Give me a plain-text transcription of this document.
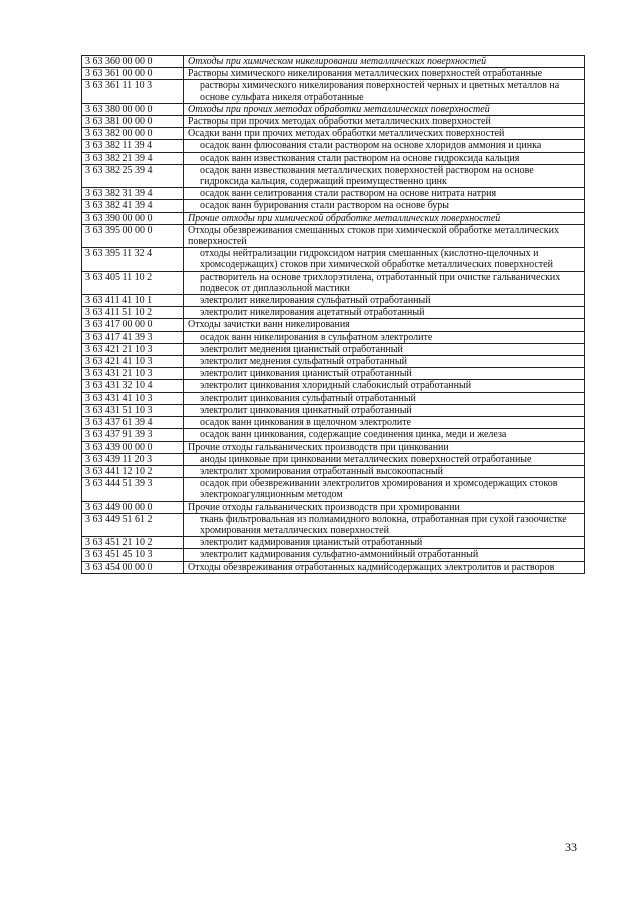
3 63 360 00 00 0	Отходы при химическом никелировании металлических поверхностей
3 63 361 00 00 0	Растворы химического никелирования металлических поверхностей отработанные
3 63 361 11 10 3	растворы химического никелирования поверхностей черных и цветных металлов на основе сульфата никеля отработанные
3 63 380 00 00 0	Отходы при прочих методах обработки металлических поверхностей
3 63 381 00 00 0	Растворы при прочих методах обработки металлических поверхностей
3 63 382 00 00 0	Осадки ванн при прочих методах обработки металлических поверхностей
3 63 382 11 39 4	осадок ванн флюсования стали раствором на основе хлоридов аммония и цинка
3 63 382 21 39 4	осадок ванн известкования стали раствором на основе гидроксида кальция
3 63 382 25 39 4	осадок ванн известкования металлических поверхностей раствором на основе гидроксида кальция, содержащий преимущественно цинк
3 63 382 31 39 4	осадок ванн селитрования стали раствором на основе нитрата натрия
3 63 382 41 39 4	осадок ванн бурирования стали раствором на основе буры
3 63 390 00 00 0	Прочие отходы при химической обработке металлических поверхностей
3 63 395 00 00 0	Отходы обезвреживания смешанных стоков при химической обработке металлических поверхностей
3 63 395 11 32 4	отходы нейтрализации гидроксидом натрия смешанных (кислотно-щелочных и хромсодержащих) стоков при химической обработке металлических поверхностей
3 63 405 11 10 2	растворитель на основе трихлорэтилена, отработанный при очистке гальванических подвесок от диплазольной мастики
3 63 411 41 10 1	электролит никелирования сульфатный отработанный
3 63 411 51 10 2	электролит никелирования ацетатный отработанный
3 63 417 00 00 0	Отходы зачистки ванн никелирования
3 63 417 41 39 3	осадок ванн никелирования в сульфатном электролите
3 63 421 21 10 3	электролит меднения цианистый отработанный
3 63 421 41 10 3	электролит меднения сульфатный отработанный
3 63 431 21 10 3	электролит цинкования цианистый отработанный
3 63 431 32 10 4	электролит цинкования хлоридный слабокислый отработанный
3 63 431 41 10 3	электролит цинкования сульфатный отработанный
3 63 431 51 10 3	электролит цинкования цинкатный отработанный
3 63 437 61 39 4	осадок ванн цинкования в щелочном электролите
3 63 437 91 39 3	осадок ванн цинкования, содержащие соединения цинка, меди и железа
3 63 439 00 00 0	Прочие отходы гальванических производств при цинковании
3 63 439 11 20 3	аноды цинковые при цинковании металлических поверхностей отработанные
3 63 441 12 10 2	электролит хромирования отработанный высокоопасный
3 63 444 51 39 3	осадок при обезвреживании электролитов хромирования и хромсодержащих стоков электрокоагуляционным методом
3 63 449 00 00 0	Прочие отходы гальванических производств при хромировании
3 63 449 51 61 2	ткань фильтровальная из полиамидного волокна, отработанная при сухой газоочистке хромирования металлических поверхностей
3 63 451 21 10 2	электролит кадмирования цианистый отработанный
3 63 451 45 10 3	электролит кадмирования сульфатно-аммонийный отработанный
3 63 454 00 00 0	Отходы обезвреживания отработанных кадмийсодержащих электролитов и растворов
33
